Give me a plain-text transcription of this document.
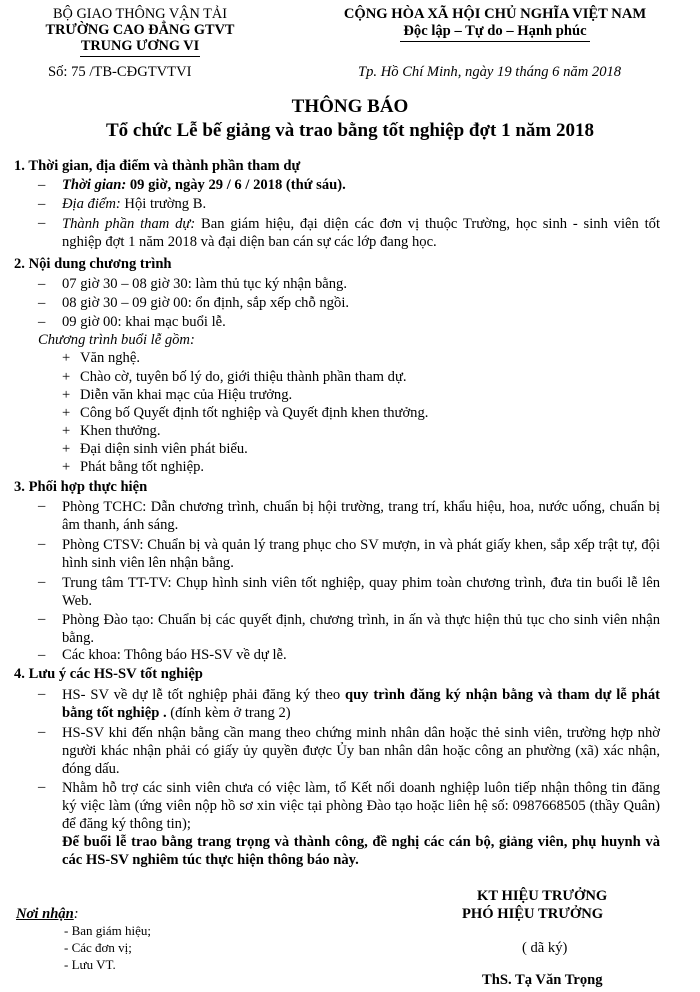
BỘ GIAO THÔNG VẬN TẢI
TRƯỜNG CAO ĐẲNG GTVT
TRUNG ƯƠNG VI
CỘNG HÒA XÃ HỘI CHỦ NGHĨA VIỆT NAM
Độc lập – Tự do – Hạnh phúc
Số: 75 /TB-CĐGTVTVI	Tp. Hồ Chí Minh, ngày 19 tháng 6 năm 2018
THÔNG BÁO
Tổ chức Lễ bế giảng và trao bằng tốt nghiệp đợt 1 năm 2018
1. Thời gian, địa điểm và thành phần tham dự
– Thời gian: 09 giờ, ngày 29 / 6 / 2018 (thứ sáu).
– Địa điểm: Hội trường B.
– Thành phần tham dự: Ban giám hiệu, đại diện các đơn vị thuộc Trường, học sinh - sinh viên tốt nghiệp đợt 1 năm 2018 và đại diện ban cán sự các lớp đang học.
2. Nội dung chương trình
– 07 giờ 30 – 08 giờ 30: làm thủ tục ký nhận bằng.
– 08 giờ 30 – 09 giờ 00: ổn định, sắp xếp chỗ ngồi.
– 09 giờ 00: khai mạc buổi lễ.
Chương trình buổi lễ gồm:
+ Văn nghệ.
+ Chào cờ, tuyên bố lý do, giới thiệu thành phần tham dự.
+ Diễn văn khai mạc của Hiệu trưởng.
+ Công bố Quyết định tốt nghiệp và Quyết định khen thưởng.
+ Khen thưởng.
+ Đại diện sinh viên phát biểu.
+ Phát bằng tốt nghiệp.
3. Phối hợp thực hiện
– Phòng TCHC: Dẫn chương trình, chuẩn bị hội trường, trang trí, khẩu hiệu, hoa, nước uống, chuẩn bị âm thanh, ánh sáng.
– Phòng CTSV: Chuẩn bị và quản lý trang phục cho SV mượn, in và phát giấy khen, sắp xếp trật tự, đội hình sinh viên lên nhận bằng.
– Trung tâm TT-TV: Chụp hình sinh viên tốt nghiệp, quay phim toàn chương trình, đưa tin buổi lễ lên Web.
– Phòng Đào tạo: Chuẩn bị các quyết định, chương trình, in ấn và thực hiện thủ tục cho sinh viên nhận bằng.
– Các khoa: Thông báo HS-SV về dự lễ.
4. Lưu ý các HS-SV tốt nghiệp
– HS- SV về dự lễ tốt nghiệp phải đăng ký theo quy trình đăng ký nhận bằng và tham dự lễ phát bằng tốt nghiệp . (đính kèm ở trang 2)
– HS-SV khi đến nhận bằng cần mang theo chứng minh nhân dân hoặc thẻ sinh viên, trường hợp nhờ người khác nhận phải có giấy ủy quyền được Ủy ban nhân dân hoặc công an phường (xã) xác nhận, đóng dấu.
– Nhằm hỗ trợ các sinh viên chưa có việc làm, tổ Kết nối doanh nghiệp luôn tiếp nhận thông tin đăng ký việc làm (ứng viên nộp hồ sơ xin việc tại phòng Đào tạo hoặc liên hệ số: 0987668505 (thầy Quân) để đăng ký thông tin);
Để buổi lễ trao bằng trang trọng và thành công, đề nghị các cán bộ, giảng viên, phụ huynh và các HS-SV nghiêm túc thực hiện thông báo này.
KT HIỆU TRƯỞNG
PHÓ HIỆU TRƯỞNG
Nơi nhận:
- Ban giám hiệu;
- Các đơn vị;
- Lưu VT.
( dã ký)
ThS. Tạ Văn Trọng
